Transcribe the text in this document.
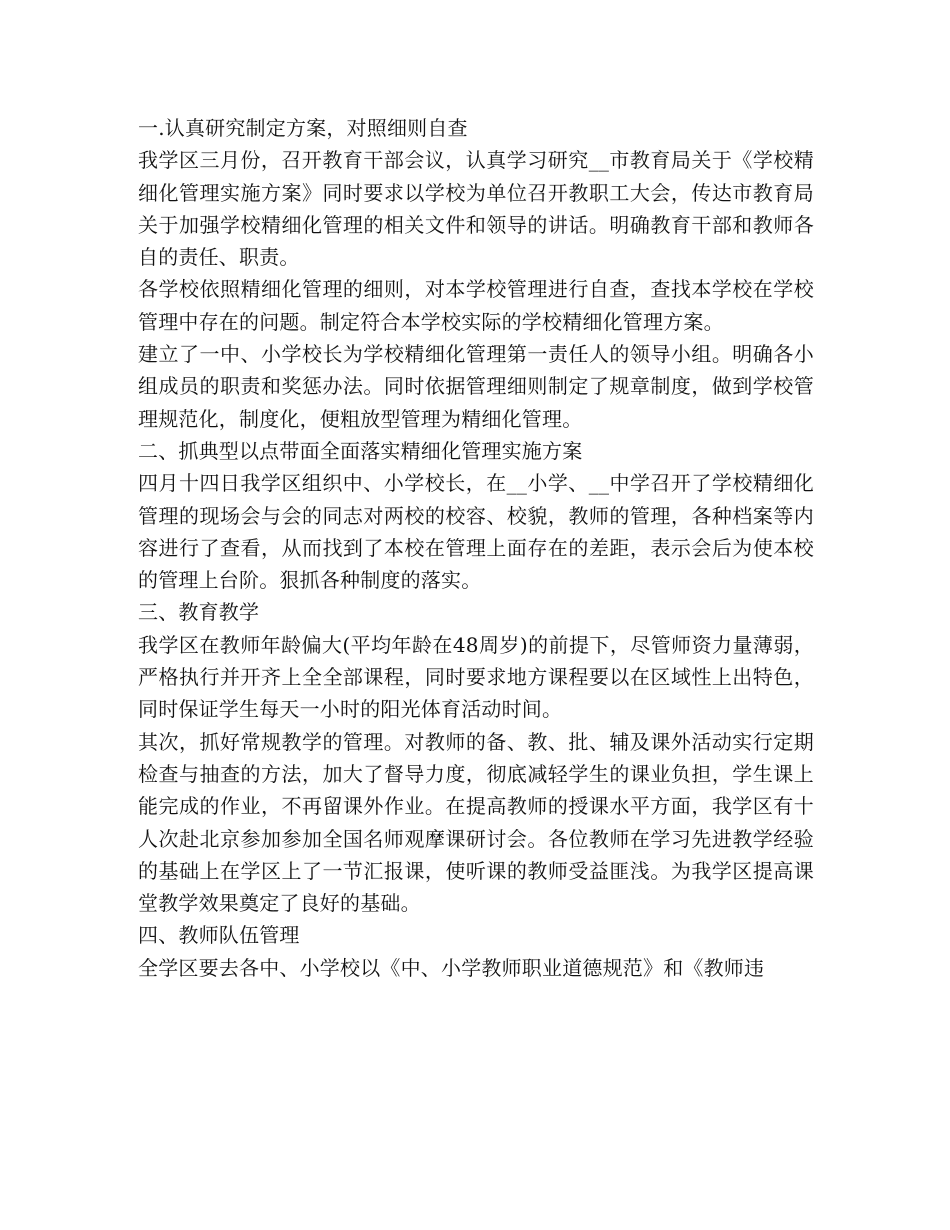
一.认真研究制定方案，对照细则自查

我学区三月份，召开教育干部会议，认真学习研究__市教育局关于《学校精细化管理实施方案》同时要求以学校为单位召开教职工大会，传达市教育局关于加强学校精细化管理的相关文件和领导的讲话。明确教育干部和教师各自的责任、职责。

各学校依照精细化管理的细则，对本学校管理进行自查，查找本学校在学校管理中存在的问题。制定符合本学校实际的学校精细化管理方案。

建立了一中、小学校长为学校精细化管理第一责任人的领导小组。明确各小组成员的职责和奖惩办法。同时依据管理细则制定了规章制度，做到学校管理规范化，制度化，便粗放型管理为精细化管理。

二、抓典型以点带面全面落实精细化管理实施方案

四月十四日我学区组织中、小学校长，在__小学、__中学召开了学校精细化管理的现场会与会的同志对两校的校容、校貌，教师的管理，各种档案等内容进行了查看，从而找到了本校在管理上面存在的差距，表示会后为使本校的管理上台阶。狠抓各种制度的落实。

三、教育教学

我学区在教师年龄偏大(平均年龄在48周岁)的前提下，尽管师资力量薄弱，严格执行并开齐上全全部课程，同时要求地方课程要以在区域性上出特色，同时保证学生每天一小时的阳光体育活动时间。

其次，抓好常规教学的管理。对教师的备、教、批、辅及课外活动实行定期检查与抽查的方法，加大了督导力度，彻底减轻学生的课业负担，学生课上能完成的作业，不再留课外作业。在提高教师的授课水平方面，我学区有十人次赴北京参加参加全国名师观摩课研讨会。各位教师在学习先进教学经验的基础上在学区上了一节汇报课，使听课的教师受益匪浅。为我学区提高课堂教学效果奠定了良好的基础。

四、教师队伍管理

全学区要去各中、小学校以《中、小学教师职业道德规范》和《教师违
